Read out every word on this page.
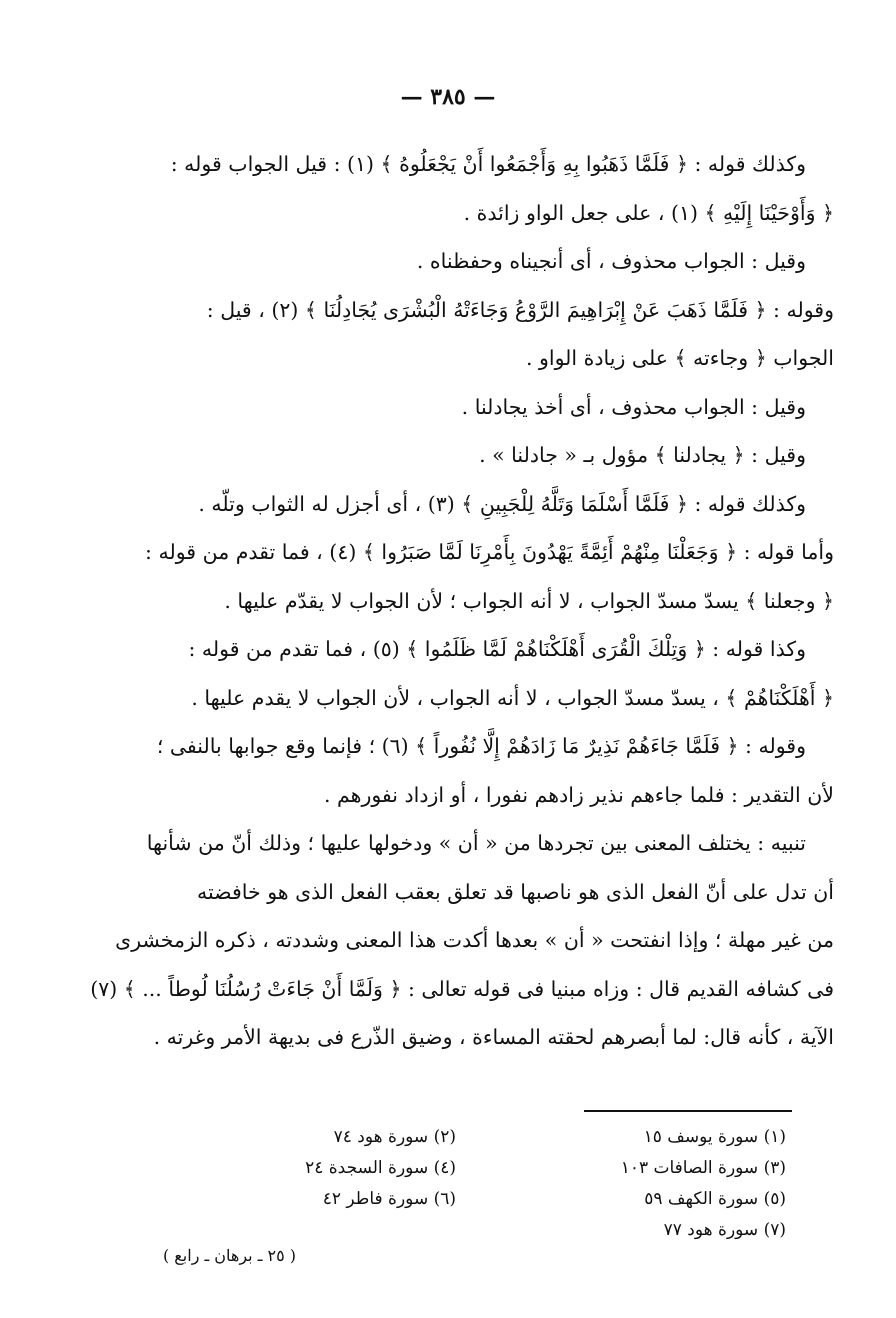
— ٣٨٥ —
وكذلك قوله : ﴿ فَلَمَّا ذَهَبُوا بِهِ وَأَجْمَعُوا أَنْ يَجْعَلُوهُ ﴾ (١) : قيل الجواب قوله :
﴿ وَأَوْحَيْنَا إِلَيْهِ ﴾ (١) ، على جعل الواو زائدة .
وقيل : الجواب محذوف ، أى أنجيناه وحفظناه .
وقوله : ﴿ فَلَمَّا ذَهَبَ عَنْ إِبْرَاهِيمَ الرَّوْعُ وَجَاءَتْهُ الْبُشْرَى يُجَادِلُنَا ﴾ (٢) ، قيل :
الجواب ﴿ وجاءته ﴾ على زيادة الواو .
وقيل : الجواب محذوف ، أى أخذ يجادلنا .
وقيل : ﴿ يجادلنا ﴾ مؤول بـ « جادلنا » .
وكذلك قوله : ﴿ فَلَمَّا أَسْلَمَا وَتَلَّهُ لِلْجَبِينِ ﴾ (٣) ، أى أجزل له الثواب وتلّه .
وأما قوله : ﴿ وَجَعَلْنَا مِنْهُمْ أَئِمَّةً يَهْدُونَ بِأَمْرِنَا لَمَّا صَبَرُوا ﴾ (٤) ، فما تقدم من قوله :
﴿ وجعلنا ﴾ يسدّ مسدّ الجواب ، لا أنه الجواب ؛ لأن الجواب لا يقدّم عليها .
وكذا قوله : ﴿ وَتِلْكَ الْقُرَى أَهْلَكْنَاهُمْ لَمَّا ظَلَمُوا ﴾ (٥) ، فما تقدم من قوله :
﴿ أَهْلَكْنَاهُمْ ﴾ ، يسدّ مسدّ الجواب ، لا أنه الجواب ، لأن الجواب لا يقدم عليها .
وقوله : ﴿ فَلَمَّا جَاءَهُمْ نَذِيرٌ مَا زَادَهُمْ إِلَّا نُفُوراً ﴾ (٦) ؛ فإنما وقع جوابها بالنفى ؛
لأن التقدير : فلما جاءهم نذير زادهم نفورا ، أو ازداد نفورهم .
تنبيه : يختلف المعنى بين تجردها من « أن » ودخولها عليها ؛ وذلك أنّ من شأنها
أن تدل على أنّ الفعل الذى هو ناصبها قد تعلق بعقب الفعل الذى هو خافضته
من غير مهلة ؛ وإذا انفتحت « أن » بعدها أكدت هذا المعنى وشددته ، ذكره الزمخشرى
فى كشافه القديم قال : وزاه مبنيا فى قوله تعالى : ﴿ وَلَمَّا أَنْ جَاءَتْ رُسُلُنَا لُوطاً ... ﴾ (٧)
الآية ، كأنه قال: لما أبصرهم لحقته المساءة ، وضيق الذّرع فى بديهة الأمر وغرته .
(١) سورة يوسف ١٥
(٣) سورة الصافات ١٠٣
(٥) سورة الكهف ٥٩
(٧) سورة هود ٧٧
(٢) سورة هود ٧٤
(٤) سورة السجدة ٢٤
(٦) سورة فاطر ٤٢
( ٢٥ ـ برهان ـ رابع )
